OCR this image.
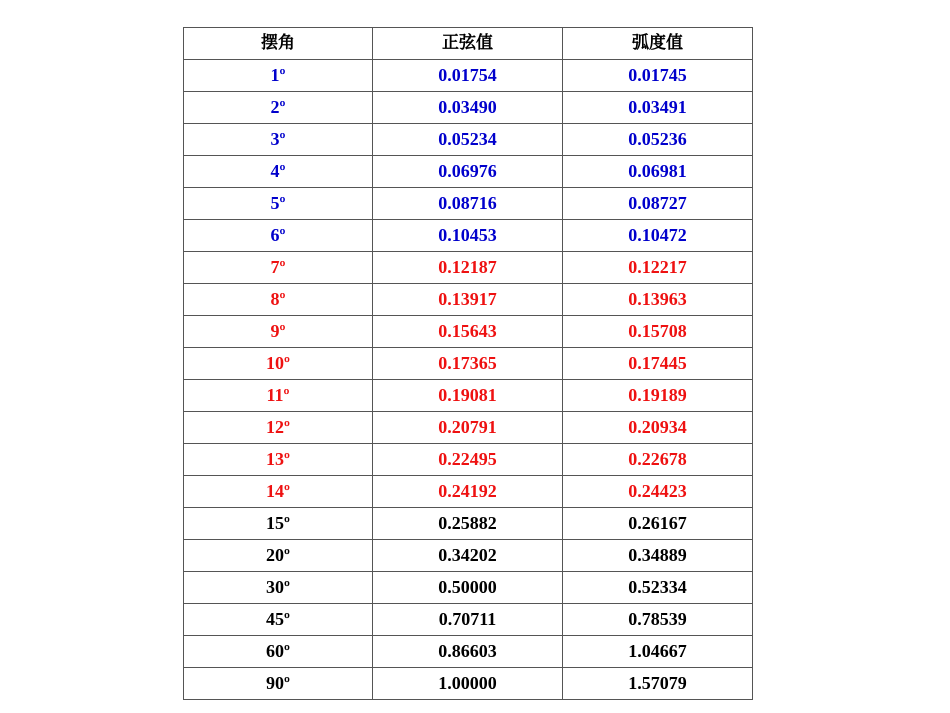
摆角	正弦值	弧度值
1º	0.01754	0.01745
2º	0.03490	0.03491
3º	0.05234	0.05236
4º	0.06976	0.06981
5º	0.08716	0.08727
6º	0.10453	0.10472
7º	0.12187	0.12217
8º	0.13917	0.13963
9º	0.15643	0.15708
10º	0.17365	0.17445
11º	0.19081	0.19189
12º	0.20791	0.20934
13º	0.22495	0.22678
14º	0.24192	0.24423
15º	0.25882	0.26167
20º	0.34202	0.34889
30º	0.50000	0.52334
45º	0.70711	0.78539
60º	0.86603	1.04667
90º	1.00000	1.57079
